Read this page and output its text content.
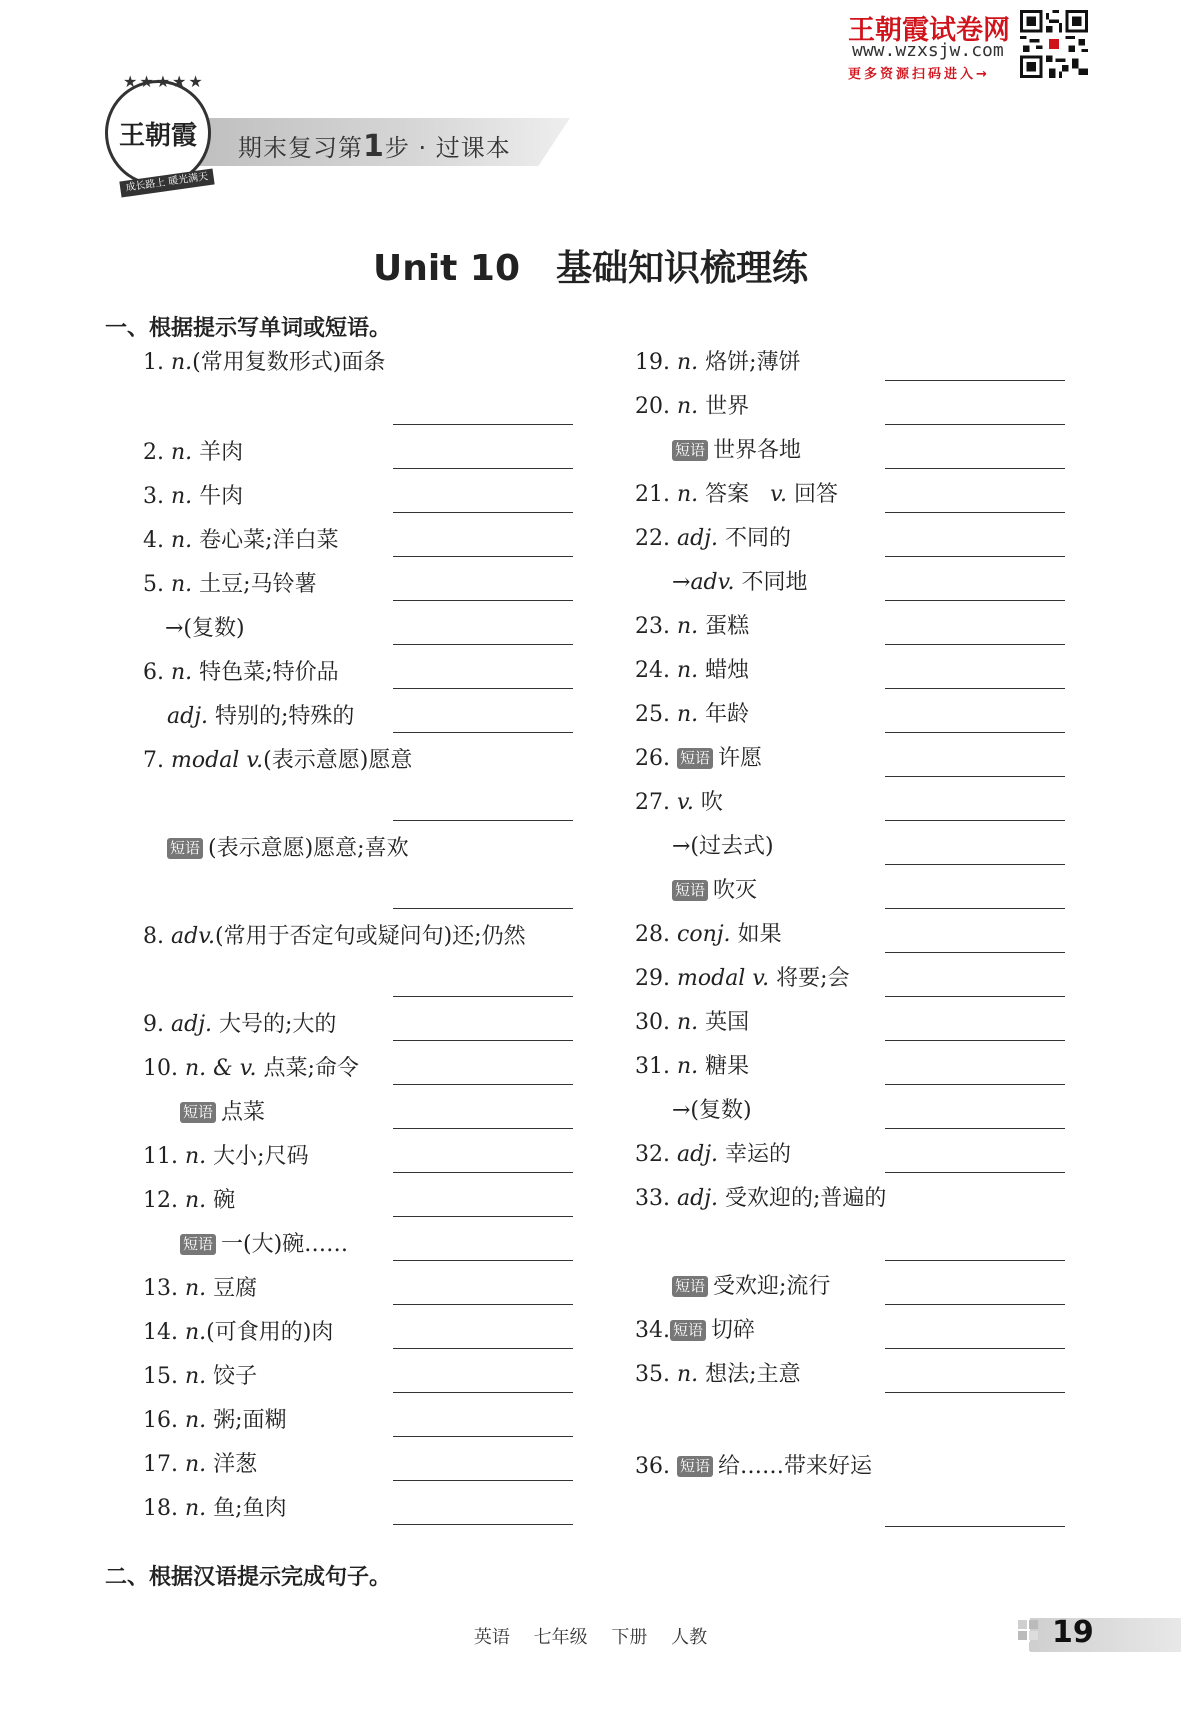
期末复习第1步 · 过课本
★★★★★
王朝霞
成长路上 暖光满天
王朝霞试卷网
www.wzxsjw.com
更多资源扫码进入→
Unit 10 基础知识梳理练
一、根据提示写单词或短语。
1. n.(常用复数形式)面条
2. n. 羊肉
3. n. 牛肉
4. n. 卷心菜;洋白菜
5. n. 土豆;马铃薯
→(复数)
6. n. 特色菜;特价品
adj. 特别的;特殊的
7. modal v.(表示意愿)愿意
短语 (表示意愿)愿意;喜欢
8. adv.(常用于否定句或疑问句)还;仍然
9. adj. 大号的;大的
10. n. & v. 点菜;命令
短语 点菜
11. n. 大小;尺码
12. n. 碗
短语 一(大)碗……
13. n. 豆腐
14. n.(可食用的)肉
15. n. 饺子
16. n. 粥;面糊
17. n. 洋葱
18. n. 鱼;鱼肉
19. n. 烙饼;薄饼
20. n. 世界
短语 世界各地
21. n. 答案 v. 回答
22. adj. 不同的
→adv. 不同地
23. n. 蛋糕
24. n. 蜡烛
25. n. 年龄
26. 短语 许愿
27. v. 吹
→(过去式)
短语 吹灭
28. conj. 如果
29. modal v. 将要;会
30. n. 英国
31. n. 糖果
→(复数)
32. adj. 幸运的
33. adj. 受欢迎的;普遍的
短语 受欢迎;流行
34. 短语 切碎
35. n. 想法;主意
36. 短语 给……带来好运
二、根据汉语提示完成句子。
英语 七年级 下册 人教	19
